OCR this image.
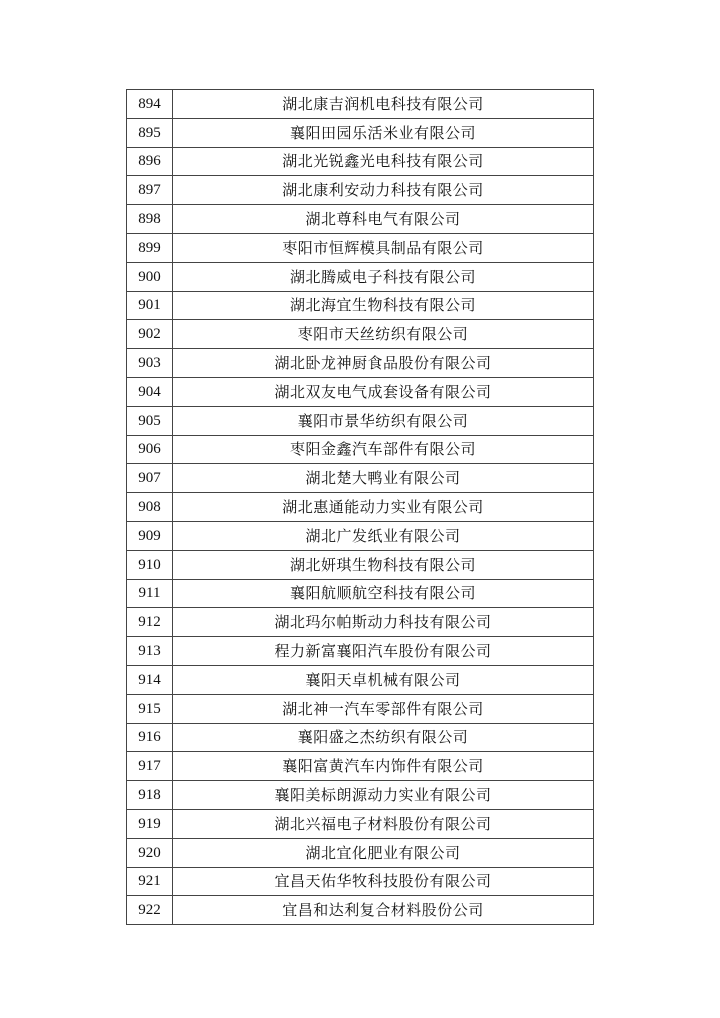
894	湖北康吉润机电科技有限公司
895	襄阳田园乐活米业有限公司
896	湖北光锐鑫光电科技有限公司
897	湖北康利安动力科技有限公司
898	湖北尊科电气有限公司
899	枣阳市恒辉模具制品有限公司
900	湖北腾威电子科技有限公司
901	湖北海宜生物科技有限公司
902	枣阳市天丝纺织有限公司
903	湖北卧龙神厨食品股份有限公司
904	湖北双友电气成套设备有限公司
905	襄阳市景华纺织有限公司
906	枣阳金鑫汽车部件有限公司
907	湖北楚大鸭业有限公司
908	湖北惠通能动力实业有限公司
909	湖北广发纸业有限公司
910	湖北妍琪生物科技有限公司
911	襄阳航顺航空科技有限公司
912	湖北玛尔帕斯动力科技有限公司
913	程力新富襄阳汽车股份有限公司
914	襄阳天卓机械有限公司
915	湖北神一汽车零部件有限公司
916	襄阳盛之杰纺织有限公司
917	襄阳富黄汽车内饰件有限公司
918	襄阳美标朗源动力实业有限公司
919	湖北兴福电子材料股份有限公司
920	湖北宜化肥业有限公司
921	宜昌天佑华牧科技股份有限公司
922	宜昌和达利复合材料股份公司
